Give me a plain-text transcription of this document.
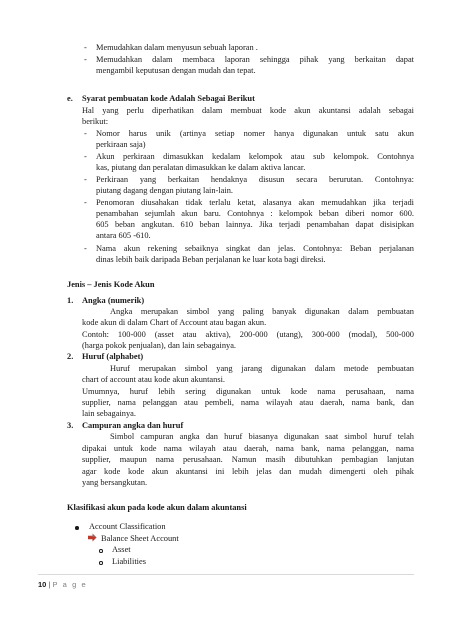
- Memudahkan dalam menyusun sebuah laporan .
- Memudahkan dalam membaca laporan sehingga pihak yang berkaitan dapat
mengambil keputusan dengan mudah dan tepat.
e. Syarat pembuatan kode Adalah Sebagai Berikut
Hal yang perlu diperhatikan dalam membuat kode akun akuntansi adalah sebagai
berikut:
- Nomor harus unik (artinya setiap nomer hanya digunakan untuk satu akun
perkiraan saja)
- Akun perkiraan dimasukkan kedalam kelompok atau sub kelompok. Contohnya
kas, piutang dan peralatan dimasukkan ke dalam aktiva lancar.
- Perkiraan yang berkaitan hendaknya disusun secara berurutan. Contohnya:
piutang dagang dengan piutang lain-lain.
- Penomoran diusahakan tidak terlalu ketat, alasanya akan memudahkan jika terjadi
penambahan sejumlah akun baru. Contohnya : kelompok beban diberi nomor 600.
605 beban angkutan. 610 beban lainnya. Jika terjadi penambahan dapat disisipkan
antara 605 -610.
- Nama akun rekening sebaiknya singkat dan jelas. Contohnya: Beban perjalanan
dinas lebih baik daripada Beban perjalanan ke luar kota bagi direksi.
Jenis – Jenis Kode Akun
1. Angka (numerik)
Angka merupakan simbol yang paling banyak digunakan dalam pembuatan
kode akun di dalam Chart of Account atau bagan akun.
Contoh: 100-000 (asset atau aktiva), 200-000 (utang), 300-000 (modal), 500-000
(harga pokok penjualan), dan lain sebagainya.
2. Huruf (alphabet)
Huruf merupakan simbol yang jarang digunakan dalam metode pembuatan
chart of account atau kode akun akuntansi.
Umumnya, huruf lebih sering digunakan untuk kode nama perusahaan, nama
supplier, nama pelanggan atau pembeli, nama wilayah atau daerah, nama bank, dan
lain sebagainya.
3. Campuran angka dan huruf
Simbol campuran angka dan huruf biasanya digunakan saat simbol huruf telah
dipakai untuk kode nama wilayah atau daerah, nama bank, nama pelanggan, nama
supplier, maupun nama perusahaan. Namun masih dibutuhkan pembagian lanjutan
agar kode kode akun akuntansi ini lebih jelas dan mudah dimengerti oleh pihak
yang bersangkutan.
Klasifikasi akun pada kode akun dalam akuntansi
Account Classification
Balance Sheet Account
Asset
Liabilities
10 | P a g e
